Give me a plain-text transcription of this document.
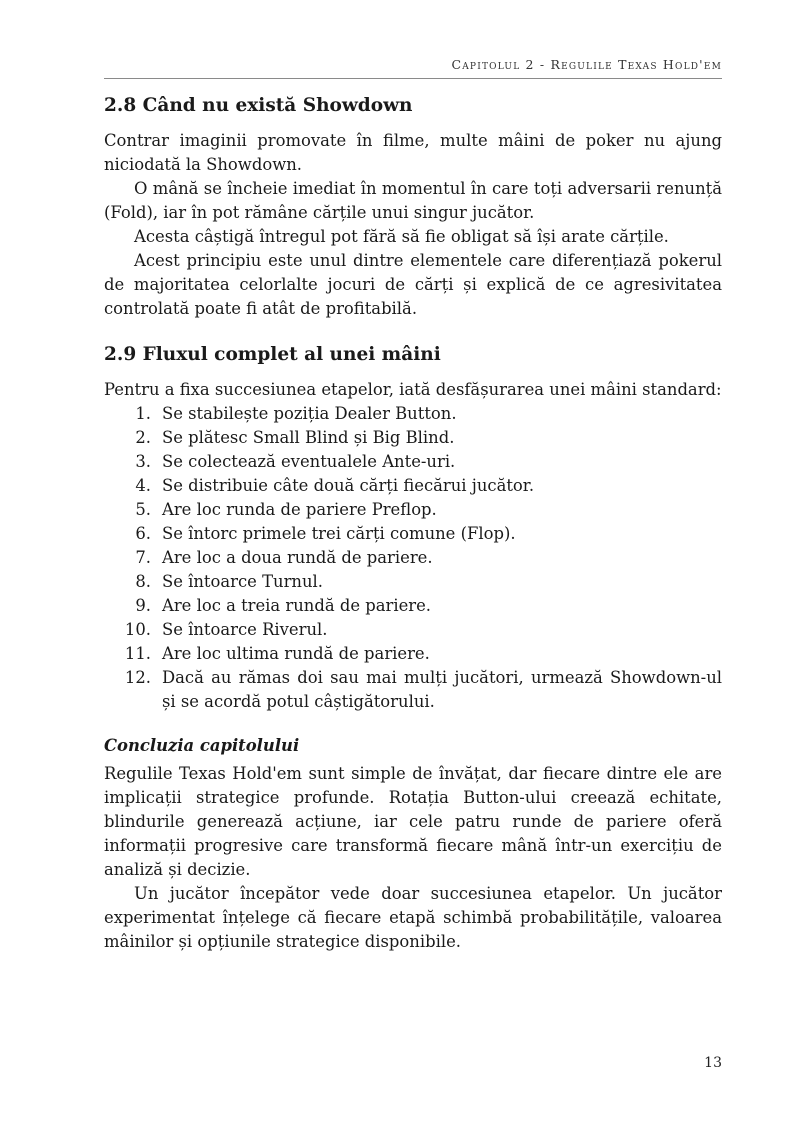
Capitolul 2 - Regulile Texas Hold'em
2.8 Când nu există Showdown

Contrar imaginii promovate în filme, multe mâini de poker nu ajung niciodată la Showdown.

O mână se încheie imediat în momentul în care toți adversarii renunță (Fold), iar în pot rămâne cărțile unui singur jucător.

Acesta câștigă întregul pot fără să fie obligat să își arate cărțile.

Acest principiu este unul dintre elementele care diferențiază pokerul de majoritatea celorlalte jocuri de cărți și explică de ce agresivitatea controlată poate fi atât de profitabilă.

2.9 Fluxul complet al unei mâini

Pentru a fixa succesiunea etapelor, iată desfășurarea unei mâini standard:

1. Se stabilește poziția Dealer Button.
2. Se plătesc Small Blind și Big Blind.
3. Se colectează eventualele Ante-uri.
4. Se distribuie câte două cărți fiecărui jucător.
5. Are loc runda de pariere Preflop.
6. Se întorc primele trei cărți comune (Flop).
7. Are loc a doua rundă de pariere.
8. Se întoarce Turnul.
9. Are loc a treia rundă de pariere.
10. Se întoarce Riverul.
11. Are loc ultima rundă de pariere.
12. Dacă au rămas doi sau mai mulți jucători, urmează Showdown-ul și se acordă potul câștigătorului.
Concluzia capitolului

Regulile Texas Hold'em sunt simple de învățat, dar fiecare dintre ele are implicații strategice profunde. Rotația Button-ului creează echitate, blindurile generează acțiune, iar cele patru runde de pariere oferă informații progresive care transformă fiecare mână într-un exercițiu de analiză și decizie.

Un jucător începător vede doar succesiunea etapelor. Un jucător experimentat înțelege că fiecare etapă schimbă probabilitățile, valoarea mâinilor și opțiunile strategice disponibile.

13
